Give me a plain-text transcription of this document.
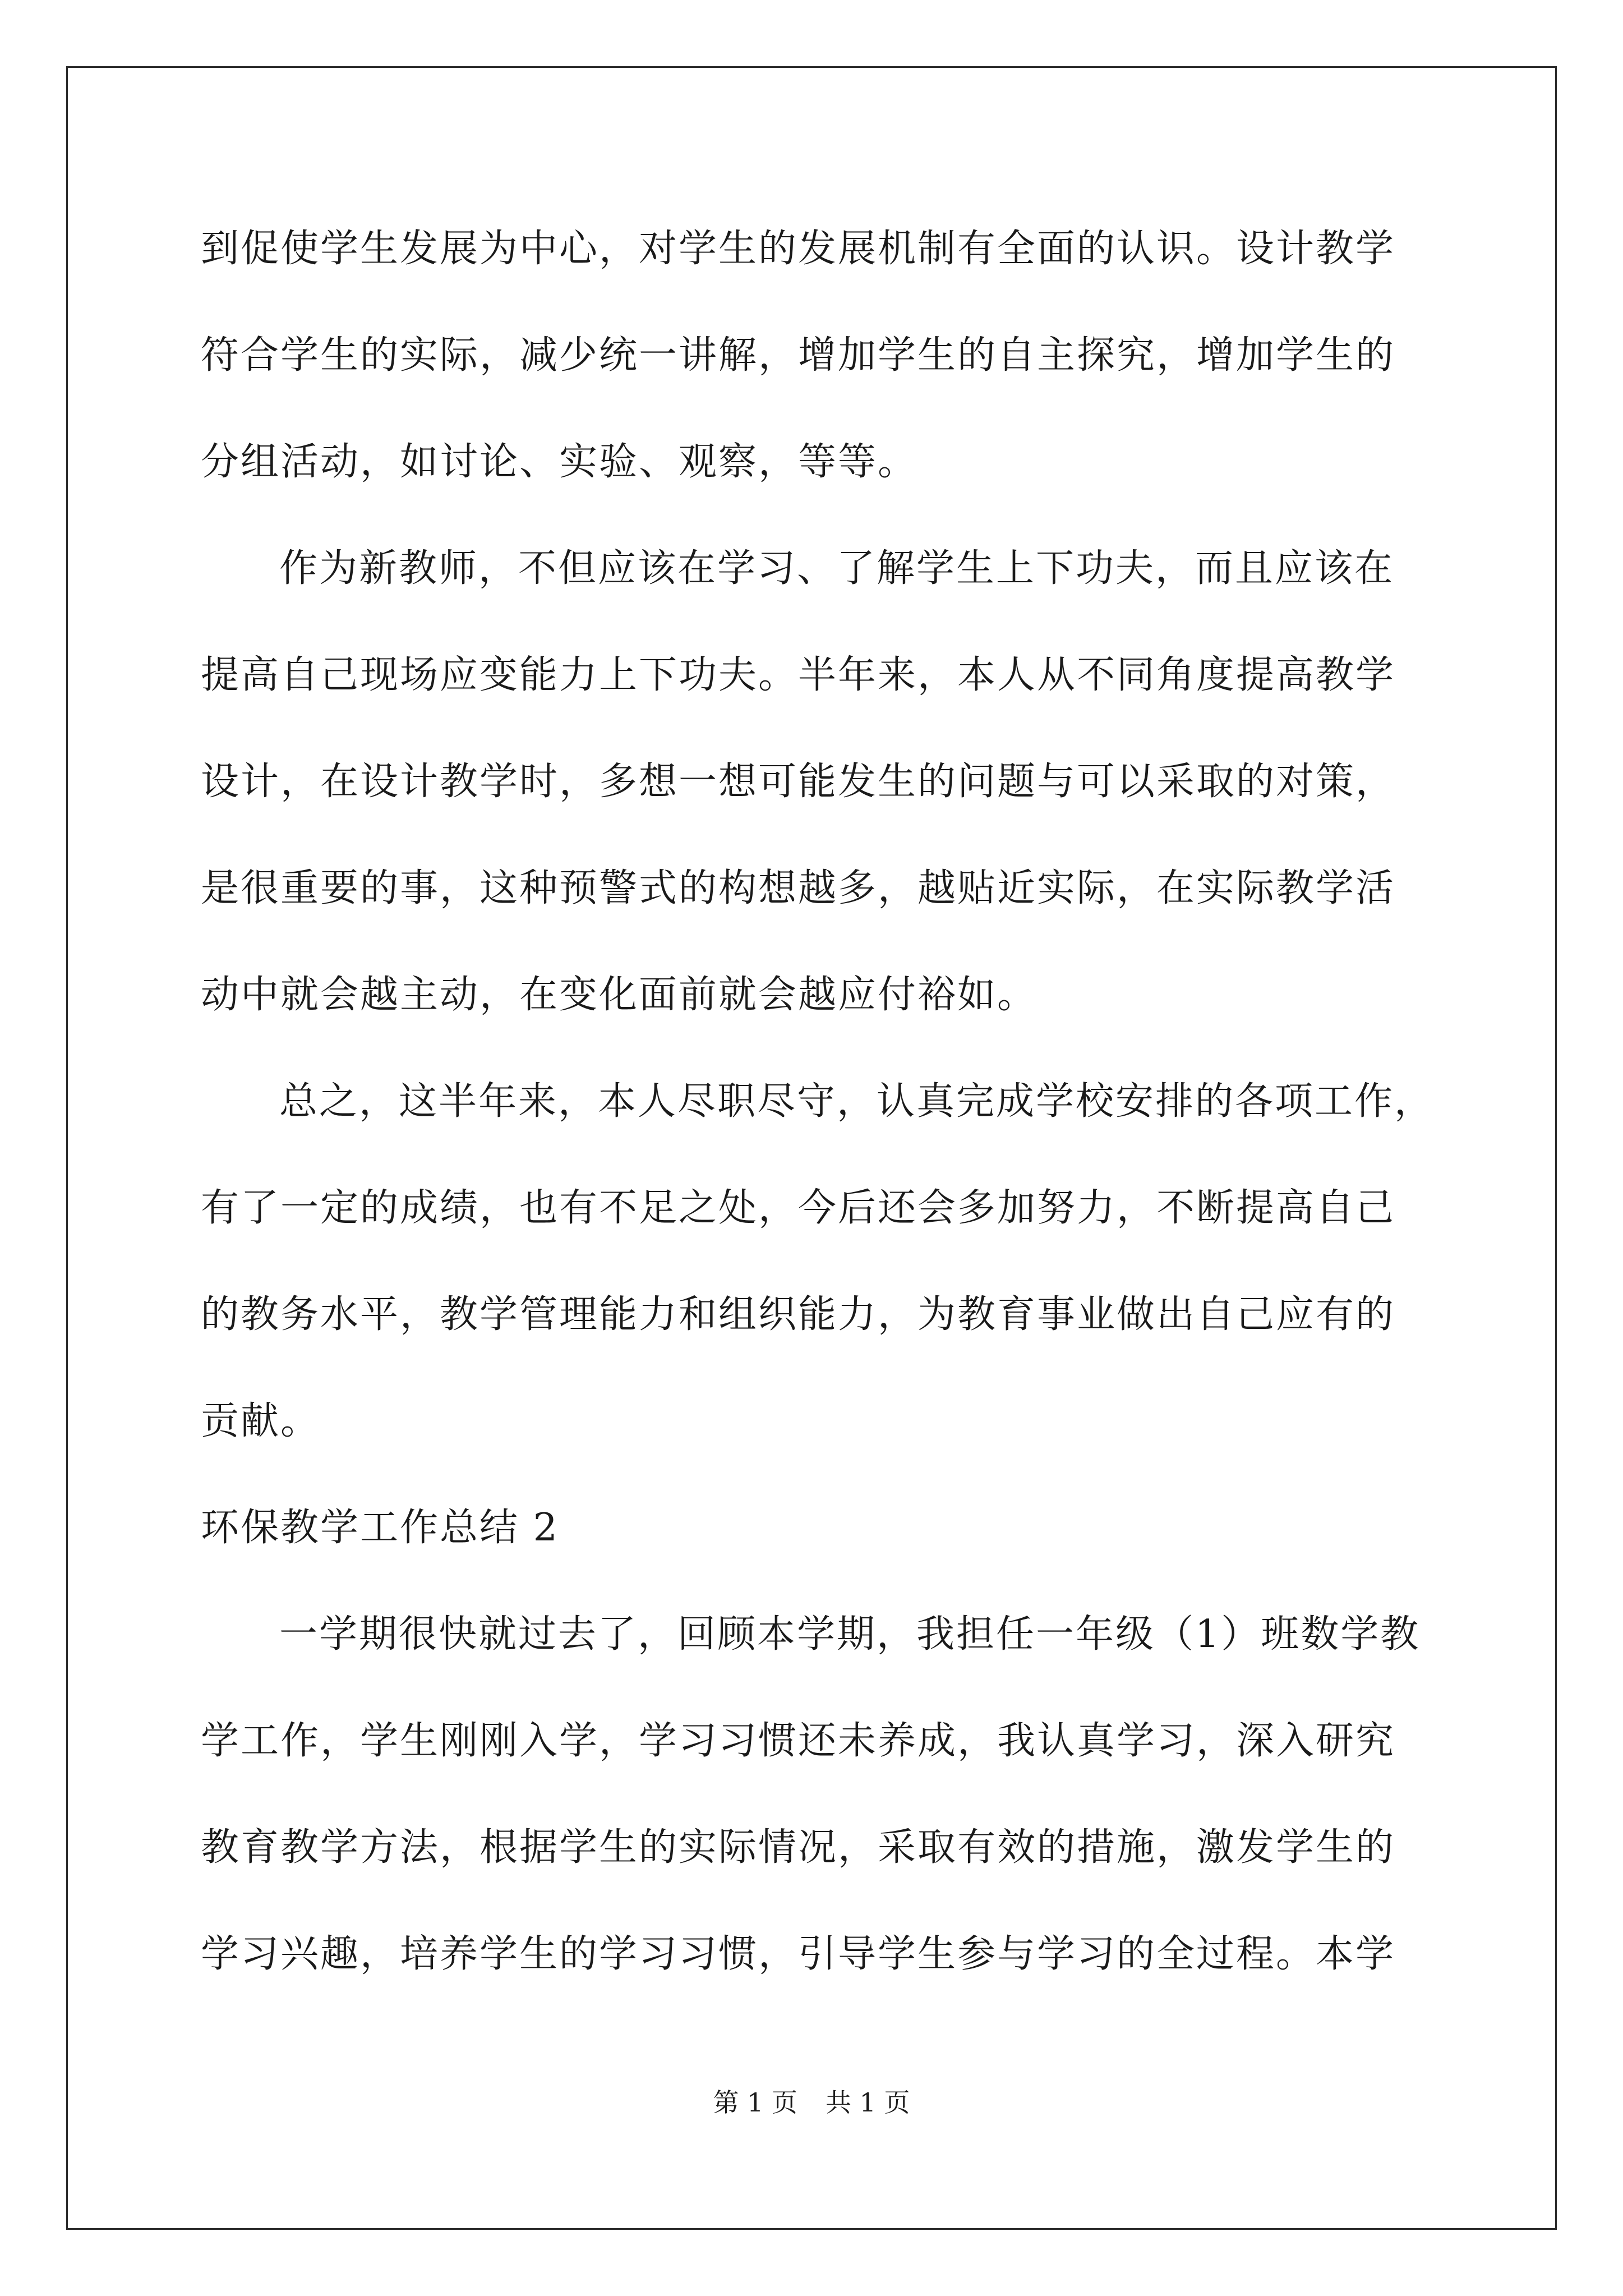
到促使学生发展为中心，对学生的发展机制有全面的认识。设计教学
符合学生的实际，减少统一讲解，增加学生的自主探究，增加学生的
分组活动，如讨论、实验、观察，等等。
作为新教师，不但应该在学习、了解学生上下功夫，而且应该在
提高自己现场应变能力上下功夫。半年来，本人从不同角度提高教学
设计，在设计教学时，多想一想可能发生的问题与可以采取的对策，
是很重要的事，这种预警式的构想越多，越贴近实际，在实际教学活
动中就会越主动，在变化面前就会越应付裕如。
总之，这半年来，本人尽职尽守，认真完成学校安排的各项工作，
有了一定的成绩，也有不足之处，今后还会多加努力，不断提高自己
的教务水平，教学管理能力和组织能力，为教育事业做出自己应有的
贡献。
环保教学工作总结 2
一学期很快就过去了，回顾本学期，我担任一年级（1）班数学教
学工作，学生刚刚入学，学习习惯还未养成，我认真学习，深入研究
教育教学方法，根据学生的实际情况，采取有效的措施，激发学生的
学习兴趣，培养学生的学习习惯，引导学生参与学习的全过程。本学
第 1 页 共 1 页
